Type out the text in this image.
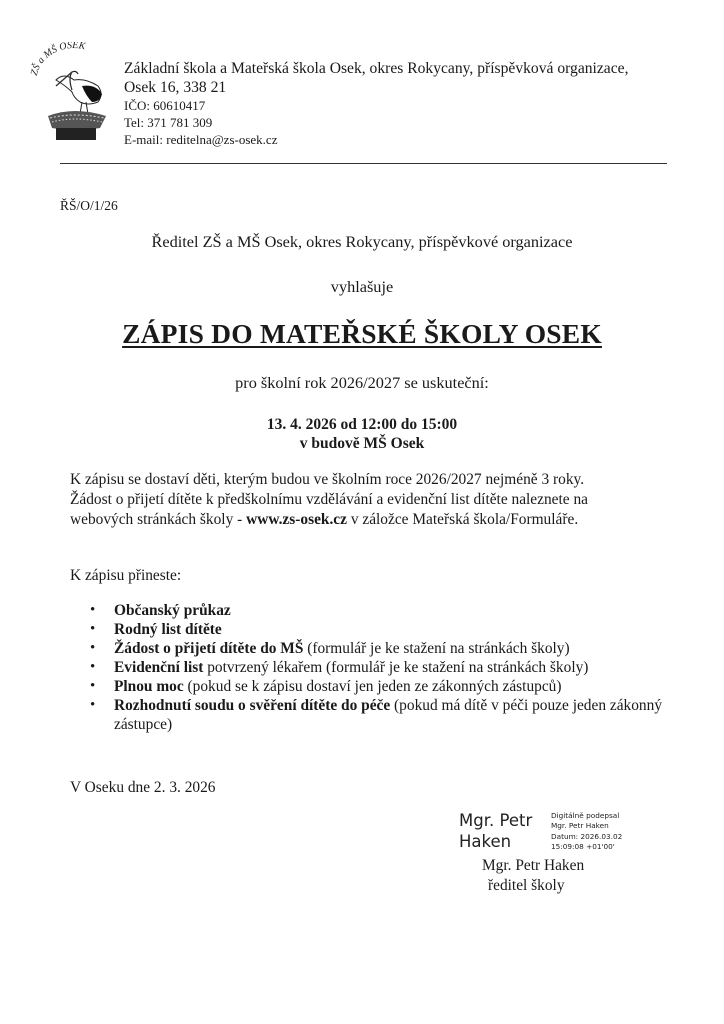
ZŠ a MŠ OSEK
Základní škola a Mateřská škola Osek, okres Rokycany, příspěvková organizace,
Osek 16, 338 21
IČO: 60610417
Tel: 371 781 309
E-mail: reditelna@zs-osek.cz
ŘŠ/O/1/26
Ředitel ZŠ a MŠ Osek, okres Rokycany, příspěvkové organizace
vyhlašuje
ZÁPIS DO MATEŘSKÉ ŠKOLY OSEK
pro školní rok 2026/2027 se uskuteční:
13. 4. 2026 od 12:00 do 15:00
v budově MŠ Osek
K zápisu se dostaví děti, kterým budou ve školním roce 2026/2027 nejméně 3 roky.
Žádost o přijetí dítěte k předškolnímu vzdělávání a evidenční list dítěte naleznete na
webových stránkách školy - www.zs-osek.cz v záložce Mateřská škola/Formuláře.
K zápisu přineste:
• Občanský průkaz
• Rodný list dítěte
• Žádost o přijetí dítěte do MŠ (formulář je ke stažení na stránkách školy)
• Evidenční list potvrzený lékařem (formulář je ke stažení na stránkách školy)
• Plnou moc (pokud se k zápisu dostaví jen jeden ze zákonných zástupců)
• Rozhodnutí soudu o svěření dítěte do péče (pokud má dítě v péči pouze jeden zákonný zástupce)
V Oseku dne 2. 3. 2026
Mgr. Petr
Haken
Digitálně podepsal
Mgr. Petr Haken
Datum: 2026.03.02
15:09:08 +01'00'
Mgr. Petr Haken
ředitel školy
